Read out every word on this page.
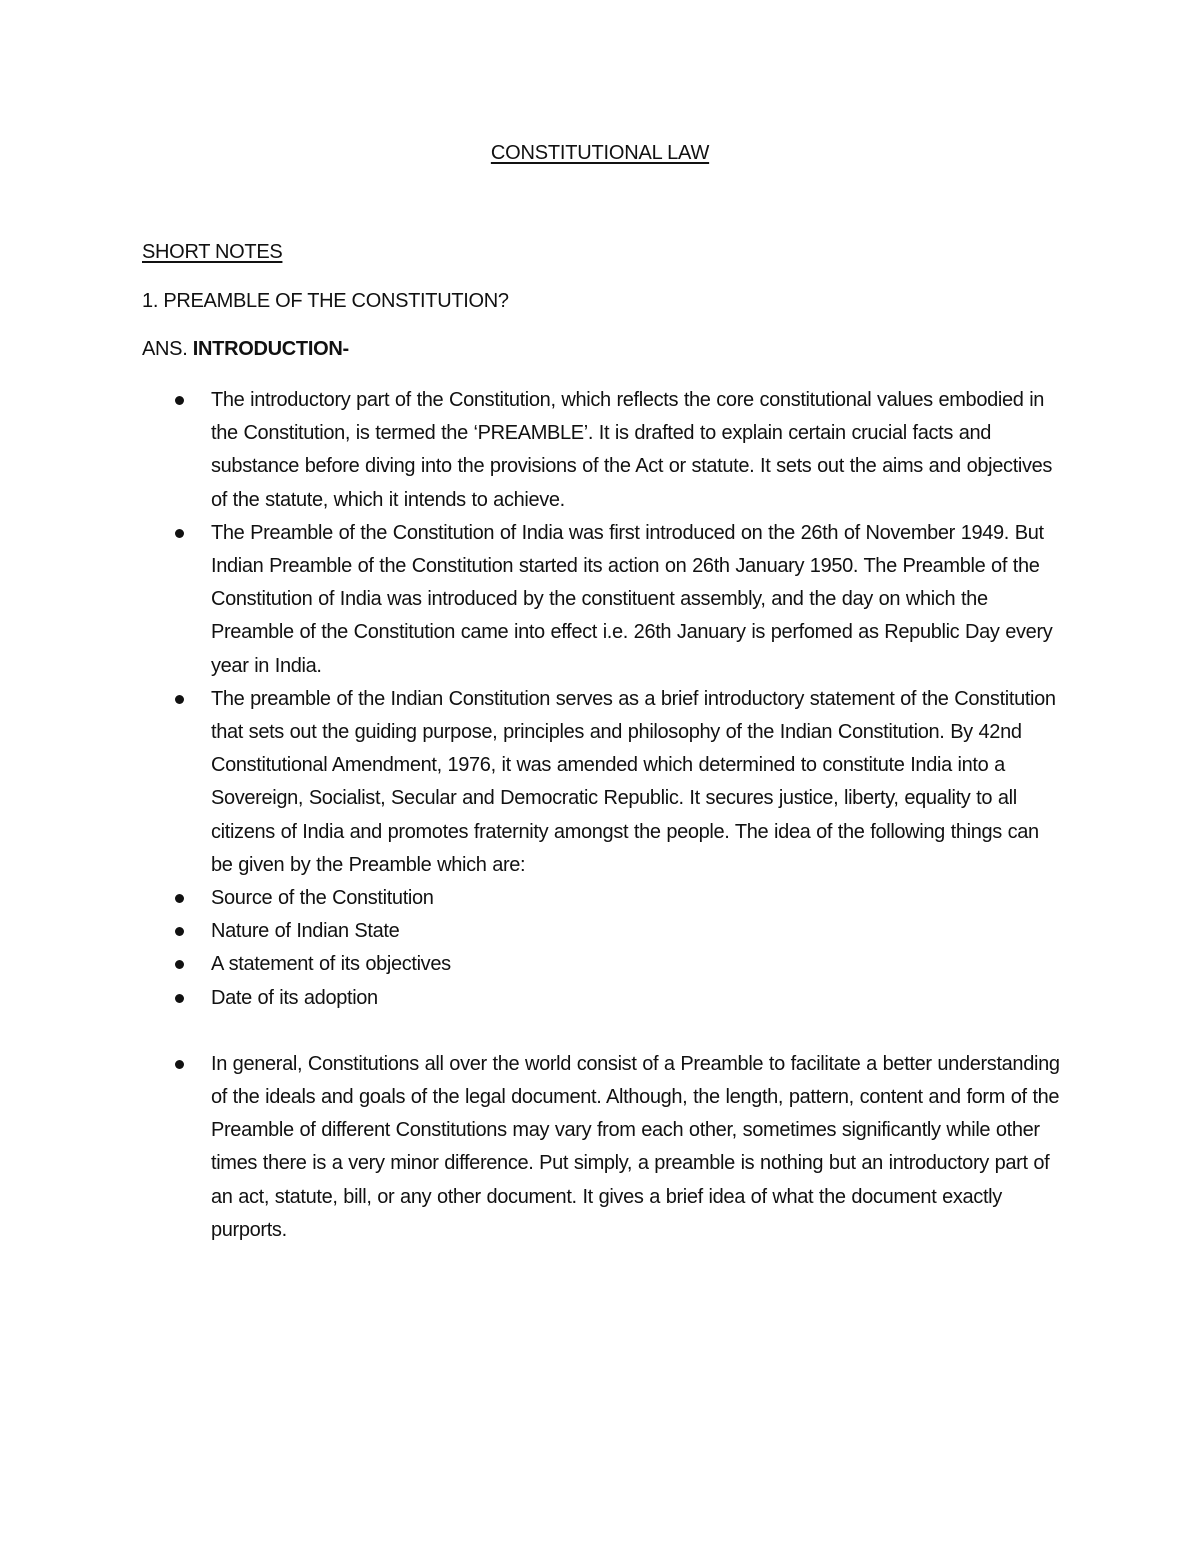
CONSTITUTIONAL LAW
SHORT NOTES
1. PREAMBLE OF THE CONSTITUTION?
ANS. INTRODUCTION-
The introductory part of the Constitution, which reflects the core constitutional values embodied in the Constitution, is termed the ‘PREAMBLE’. It is drafted to explain certain crucial facts and substance before diving into the provisions of the Act or statute. It sets out the aims and objectives of the statute, which it intends to achieve.
The Preamble of the Constitution of India was first introduced on the 26th of November 1949. But Indian Preamble of the Constitution started its action on 26th January 1950. The Preamble of the Constitution of India was introduced by the constituent assembly, and the day on which the Preamble of the Constitution came into effect i.e. 26th January is perfomed as Republic Day every year in India.
The preamble of the Indian Constitution serves as a brief introductory statement of the Constitution that sets out the guiding purpose, principles and philosophy of the Indian Constitution. By 42nd Constitutional Amendment, 1976, it was amended which determined to constitute India into a Sovereign, Socialist, Secular and Democratic Republic. It secures justice, liberty, equality to all citizens of India and promotes fraternity amongst the people. The idea of the following things can be given by the Preamble which are:
Source of the Constitution
Nature of Indian State
A statement of its objectives
Date of its adoption
In general, Constitutions all over the world consist of a Preamble to facilitate a better understanding of the ideals and goals of the legal document. Although, the length, pattern, content and form of the Preamble of different Constitutions may vary from each other, sometimes significantly while other times there is a very minor difference. Put simply, a preamble is nothing but an introductory part of an act, statute, bill, or any other document. It gives a brief idea of what the document exactly purports.
